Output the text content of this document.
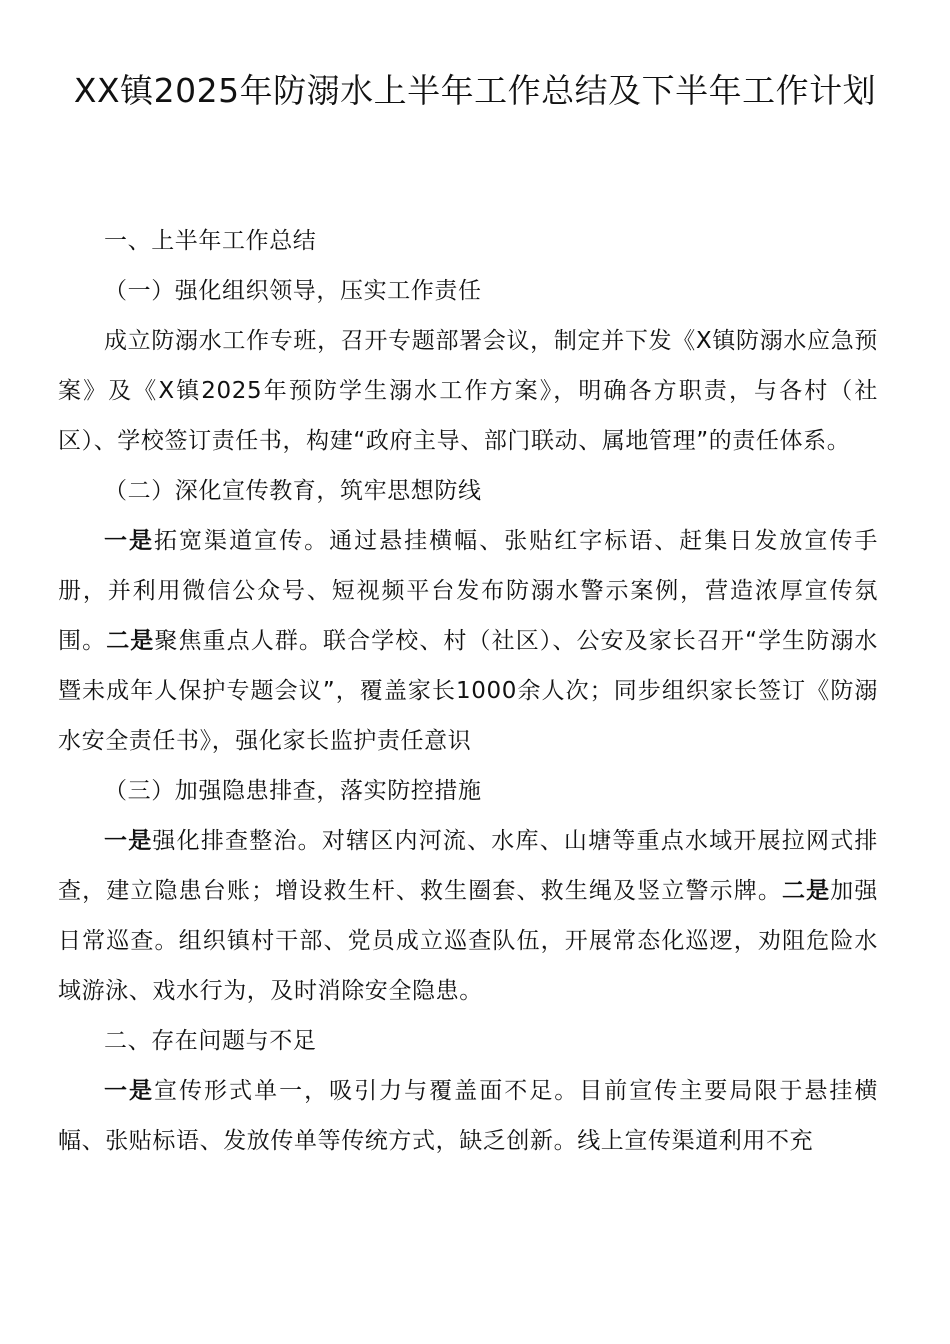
XX镇2025年防溺水上半年工作总结及下半年工作计划

一、上半年工作总结

（一）强化组织领导，压实工作责任

成立防溺水工作专班，召开专题部署会议，制定并下发《X镇防溺水应急预案》及《X镇2025年预防学生溺水工作方案》，明确各方职责，与各村（社区）、学校签订责任书，构建“政府主导、部门联动、属地管理”的责任体系。

（二）深化宣传教育，筑牢思想防线

一是拓宽渠道宣传。通过悬挂横幅、张贴红字标语、赶集日发放宣传手册，并利用微信公众号、短视频平台发布防溺水警示案例，营造浓厚宣传氛围。二是聚焦重点人群。联合学校、村（社区）、公安及家长召开“学生防溺水暨未成年人保护专题会议”，覆盖家长1000余人次；同步组织家长签订《防溺水安全责任书》，强化家长监护责任意识

（三）加强隐患排查，落实防控措施

一是强化排查整治。对辖区内河流、水库、山塘等重点水域开展拉网式排查，建立隐患台账；增设救生杆、救生圈套、救生绳及竖立警示牌。二是加强日常巡查。组织镇村干部、党员成立巡查队伍，开展常态化巡逻，劝阻危险水域游泳、戏水行为，及时消除安全隐患。

二、存在问题与不足

一是宣传形式单一，吸引力与覆盖面不足。目前宣传主要局限于悬挂横幅、张贴标语、发放传单等传统方式，缺乏创新。线上宣传渠道利用不充
